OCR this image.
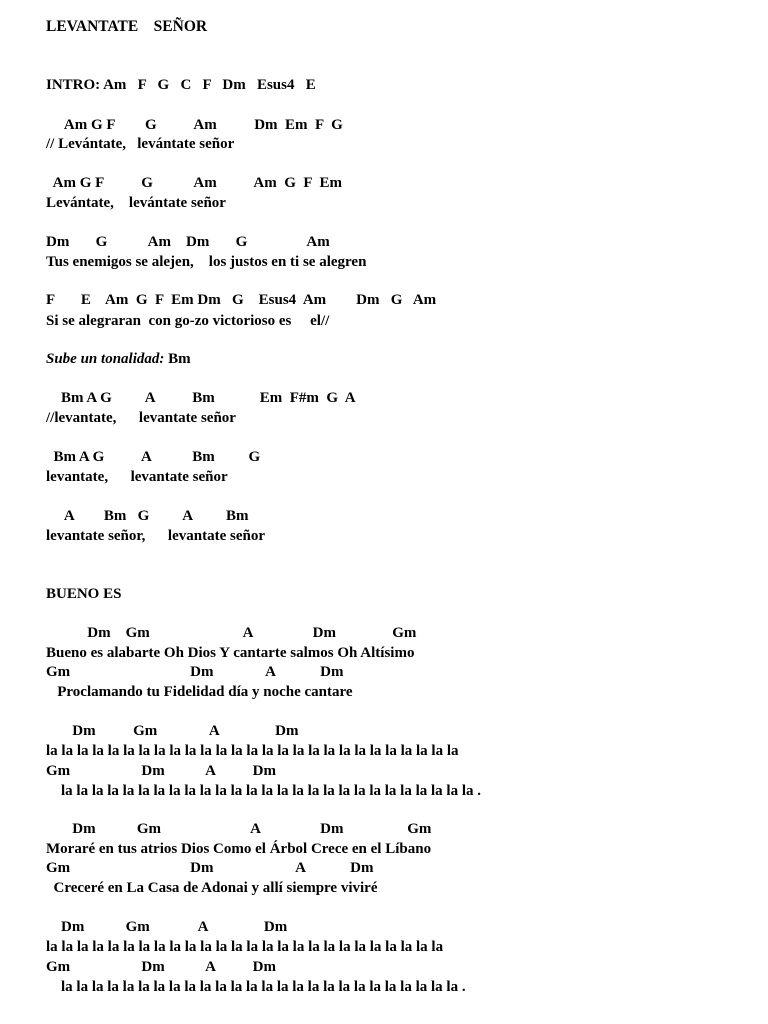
LEVANTATE    SEÑOR
INTRO: Am   F   G   C   F   Dm   Esus4   E
Am G F        G          Am          Dm  Em  F  G
// Levántate,   levántate señor
Am G F          G           Am          Am  G  F  Em
Levántate,    levántate señor
Dm       G           Am    Dm       G                Am
Tus enemigos se alejen,    los justos en ti se alegren
F       E    Am  G  F  Em Dm   G    Esus4  Am        Dm   G   Am
Si se alegraran  con go-zo victorioso es     el//
Sube un tonalidad: Bm
Bm A G         A          Bm            Em  F#m  G  A
//levantate,      levantate señor
Bm A G          A           Bm         G
levantate,      levantate señor
A        Bm   G         A         Bm
levantate señor,      levantate señor
BUENO ES
Dm    Gm                         A                Dm               Gm
Bueno es alabarte Oh Dios Y cantarte salmos Oh Altísimo
Gm                                Dm              A            Dm
Proclamando tu Fidelidad día y noche cantare
Dm          Gm              A               Dm
la la la la la la la la la la la la la la la la la la la la la la la la la la la
Gm                   Dm           A          Dm
la la la la la la la la la la la la la la la la la la la la la la la la la la la .
Dm           Gm                        A                Dm                 Gm
Moraré en tus atrios Dios Como el Árbol Crece en el Líbano
Gm                                Dm                      A            Dm
Creceré en La Casa de Adonai y allí siempre viviré
Dm           Gm             A               Dm
la la la la la la la la la la la la la la la la la la la la la la la la la la
Gm                   Dm           A          Dm
la la la la la la la la la la la la la la la la la la la la la la la la la la .
